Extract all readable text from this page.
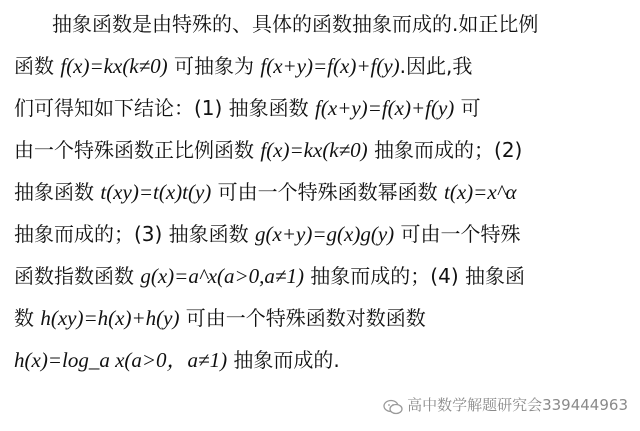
抽象函数是由特殊的、具体的函数抽象而成的.如正比例
函数 f(x)=kx(k≠0) 可抽象为 f(x+y)=f(x)+f(y).因此,我
们可得知如下结论：(1) 抽象函数 f(x+y)=f(x)+f(y) 可
由一个特殊函数正比例函数 f(x)=kx(k≠0) 抽象而成的；(2)
抽象函数 t(xy)=t(x)t(y) 可由一个特殊函数幂函数 t(x)=x^α
抽象而成的；(3) 抽象函数 g(x+y)=g(x)g(y) 可由一个特殊
函数指数函数 g(x)=a^x(a>0,a≠1) 抽象而成的；(4) 抽象函
数 h(xy)=h(x)+h(y) 可由一个特殊函数对数函数
h(x)=log_a x(a>0，a≠1) 抽象而成的.
高中数学解题研究会339444963
